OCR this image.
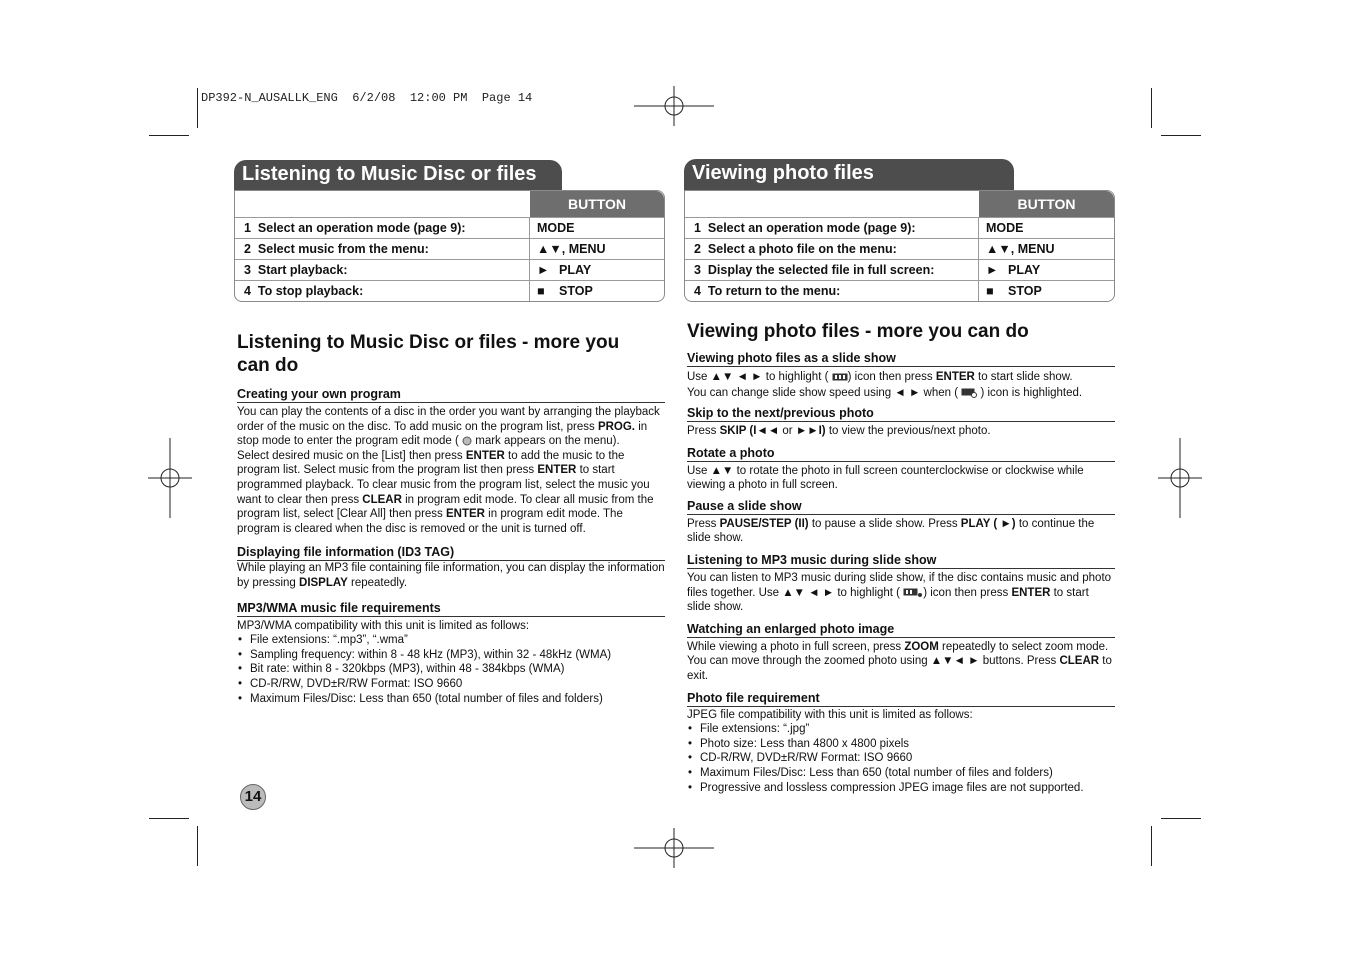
DP392-N_AUSALLK_ENG  6/2/08  12:00 PM  Page 14
Listening to Music Disc or files
BUTTON
1 Select an operation mode (page 9):	MODE
2 Select music from the menu:	▲▼, MENU
3 Start playback:	► PLAY
4 To stop playback:	■ STOP
Listening to Music Disc or files - more you can do
Creating your own program
You can play the contents of a disc in the order you want by arranging the playback order of the music on the disc. To add music on the program list, press PROG. in stop mode to enter the program edit mode (  mark appears on the menu).
Select desired music on the [List] then press ENTER to add the music to the program list. Select music from the program list then press ENTER to start programmed playback. To clear music from the program list, select the music you want to clear then press CLEAR in program edit mode. To clear all music from the program list, select [Clear All] then press ENTER in program edit mode. The program is cleared when the disc is removed or the unit is turned off.
Displaying file information (ID3 TAG)
While playing an MP3 file containing file information, you can display the information by pressing DISPLAY repeatedly.
MP3/WMA music file requirements
MP3/WMA compatibility with this unit is limited as follows:
• File extensions: “.mp3”, “.wma”
• Sampling frequency: within 8 - 48 kHz (MP3), within 32 - 48kHz (WMA)
• Bit rate: within 8 - 320kbps (MP3), within 48 - 384kbps (WMA)
• CD-R/RW, DVD±R/RW Format: ISO 9660
• Maximum Files/Disc: Less than 650 (total number of files and folders)
14
Viewing photo files
BUTTON
1 Select an operation mode (page 9):	MODE
2 Select a photo file on the menu:	▲▼, MENU
3 Display the selected file in full screen:	► PLAY
4 To return to the menu:	■ STOP
Viewing photo files - more you can do
Viewing photo files as a slide show
Use ▲▼ ◄ ► to highlight ( ) icon then press ENTER to start slide show.
You can change slide show speed using ◄ ► when ( ) icon is highlighted.
Skip to the next/previous photo
Press SKIP (I◄◄ or ►►I) to view the previous/next photo.
Rotate a photo
Use ▲▼ to rotate the photo in full screen counterclockwise or clockwise while viewing a photo in full screen.
Pause a slide show
Press PAUSE/STEP (II) to pause a slide show. Press PLAY ( ►) to continue the slide show.
Listening to MP3 music during slide show
You can listen to MP3 music during slide show, if the disc contains music and photo files together. Use ▲▼ ◄ ► to highlight ( ) icon then press ENTER to start slide show.
Watching an enlarged photo image
While viewing a photo in full screen, press ZOOM repeatedly to select zoom mode. You can move through the zoomed photo using ▲▼◄ ► buttons. Press CLEAR to exit.
Photo file requirement
JPEG file compatibility with this unit is limited as follows:
• File extensions: “.jpg”
• Photo size: Less than 4800 x 4800 pixels
• CD-R/RW, DVD±R/RW Format: ISO 9660
• Maximum Files/Disc: Less than 650 (total number of files and folders)
• Progressive and lossless compression JPEG image files are not supported.
